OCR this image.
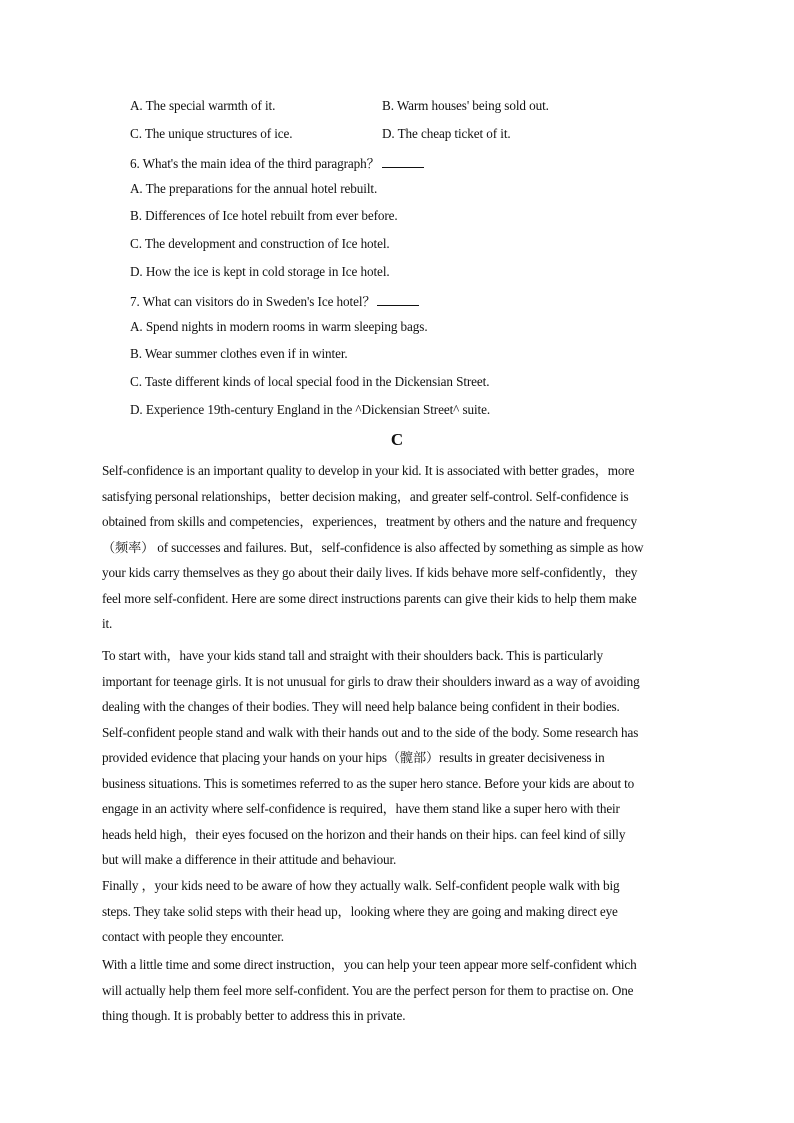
A. The special warmth of it.	B. Warm houses' being sold out.
C. The unique structures of ice.	D. The cheap ticket of it.
6. What's the main idea of the third paragraph？
A. The preparations for the annual hotel rebuilt.
B. Differences of Ice hotel rebuilt from ever before.
C. The development and construction of Ice hotel.
D. How the ice is kept in cold storage in Ice hotel.
7. What can visitors do in Sweden's Ice hotel？
A. Spend nights in modern rooms in warm sleeping bags.
B. Wear summer clothes even if in winter.
C. Taste different kinds of local special food in the Dickensian Street.
D. Experience 19th-century England in the ^Dickensian Street^ suite.
C
Self-confidence is an important quality to develop in your kid. It is associated with better grades，more
satisfying personal relationships，better decision making，and greater self-control. Self-confidence is
obtained from skills and competencies，experiences，treatment by others and the nature and frequency
（频率） of successes and failures. But，self-confidence is also affected by something as simple as how
your kids carry themselves as they go about their daily lives. If kids behave more self-confidently，they
feel more self-confident. Here are some direct instructions parents can give their kids to help them make
it.
To start with，have your kids stand tall and straight with their shoulders back. This is particularly
important for teenage girls. It is not unusual for girls to draw their shoulders inward as a way of avoiding
dealing with the changes of their bodies. They will need help balance being confident in their bodies.
Self-confident people stand and walk with their hands out and to the side of the body. Some research has
provided evidence that placing your hands on your hips（髋部）results in greater decisiveness in
business situations. This is sometimes referred to as the super hero stance. Before your kids are about to
engage in an activity where self-confidence is required，have them stand like a super hero with their
heads held high，their eyes focused on the horizon and their hands on their hips. can feel kind of silly
but will make a difference in their attitude and behaviour.
Finally ，your kids need to be aware of how they actually walk. Self-confident people walk with big
steps. They take solid steps with their head up，looking where they are going and making direct eye
contact with people they encounter.
With a little time and some direct instruction，you can help your teen appear more self-confident which
will actually help them feel more self-confident. You are the perfect person for them to practise on. One
thing though. It is probably better to address this in private.
